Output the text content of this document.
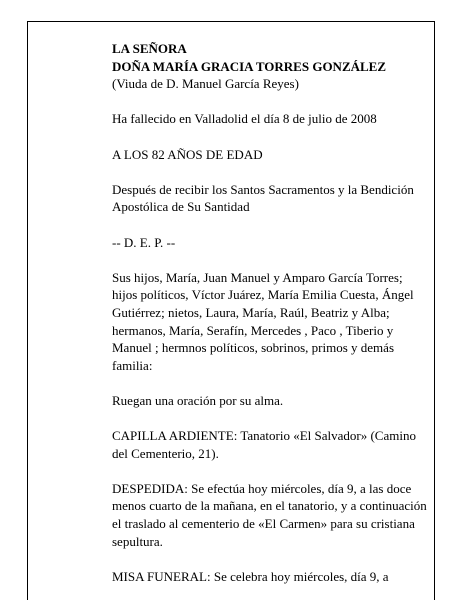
LA SEÑORA
DOÑA MARÍA GRACIA TORRES GONZÁLEZ
(Viuda de D. Manuel García Reyes)

Ha fallecido en Valladolid el día 8 de julio de 2008

A LOS 82 AÑOS DE EDAD

Después de recibir los Santos Sacramentos y la Bendición Apostólica de Su Santidad

-- D. E. P. --

Sus hijos, María, Juan Manuel y Amparo García Torres; hijos políticos, Víctor Juárez, María Emilia Cuesta, Ángel Gutiérrez; nietos, Laura, María, Raúl, Beatriz y Alba; hermanos, María, Serafín, Mercedes , Paco , Tiberio y Manuel ; hermnos políticos, sobrinos, primos y demás familia:

Ruegan una oración por su alma.

CAPILLA ARDIENTE: Tanatorio «El Salvador» (Camino del Cementerio, 21).

DESPEDIDA: Se efectúa hoy miércoles, día 9, a las doce menos cuarto de la mañana, en el tanatorio, y a continuación el traslado al cementerio de «El Carmen» para su cristiana sepultura.

MISA FUNERAL: Se celebra hoy miércoles, día 9, a
